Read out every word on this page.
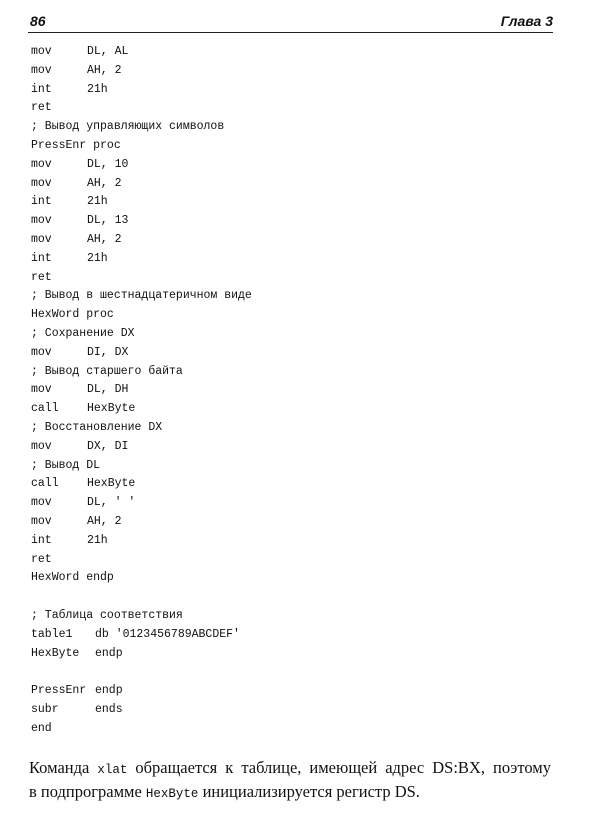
86	Глава 3
mov	DL, AL
mov	AH, 2
int	21h
ret
; Вывод управляющих символов
PressEnr proc
mov	DL, 10
mov	AH, 2
int	21h
mov	DL, 13
mov	AH, 2
int	21h
ret
; Вывод в шестнадцатеричном виде
HexWord proc
; Сохранение DX
mov	DI, DX
; Вывод старшего байта
mov	DL, DH
call HexByte
; Восстановление DX
mov	DX, DI
; Вывод DL
call HexByte
mov	DL, ' '
mov	AH, 2
int	21h
ret
HexWord endp
; Таблица соответствия
table1 db '0123456789ABCDEF'
HexByte endp
PressEnr endp
subr	ends
end

Команда xlat обращается к таблице, имеющей адрес DS:BX, поэтому

в подпрограмме HexByte инициализируется регистр DS.
